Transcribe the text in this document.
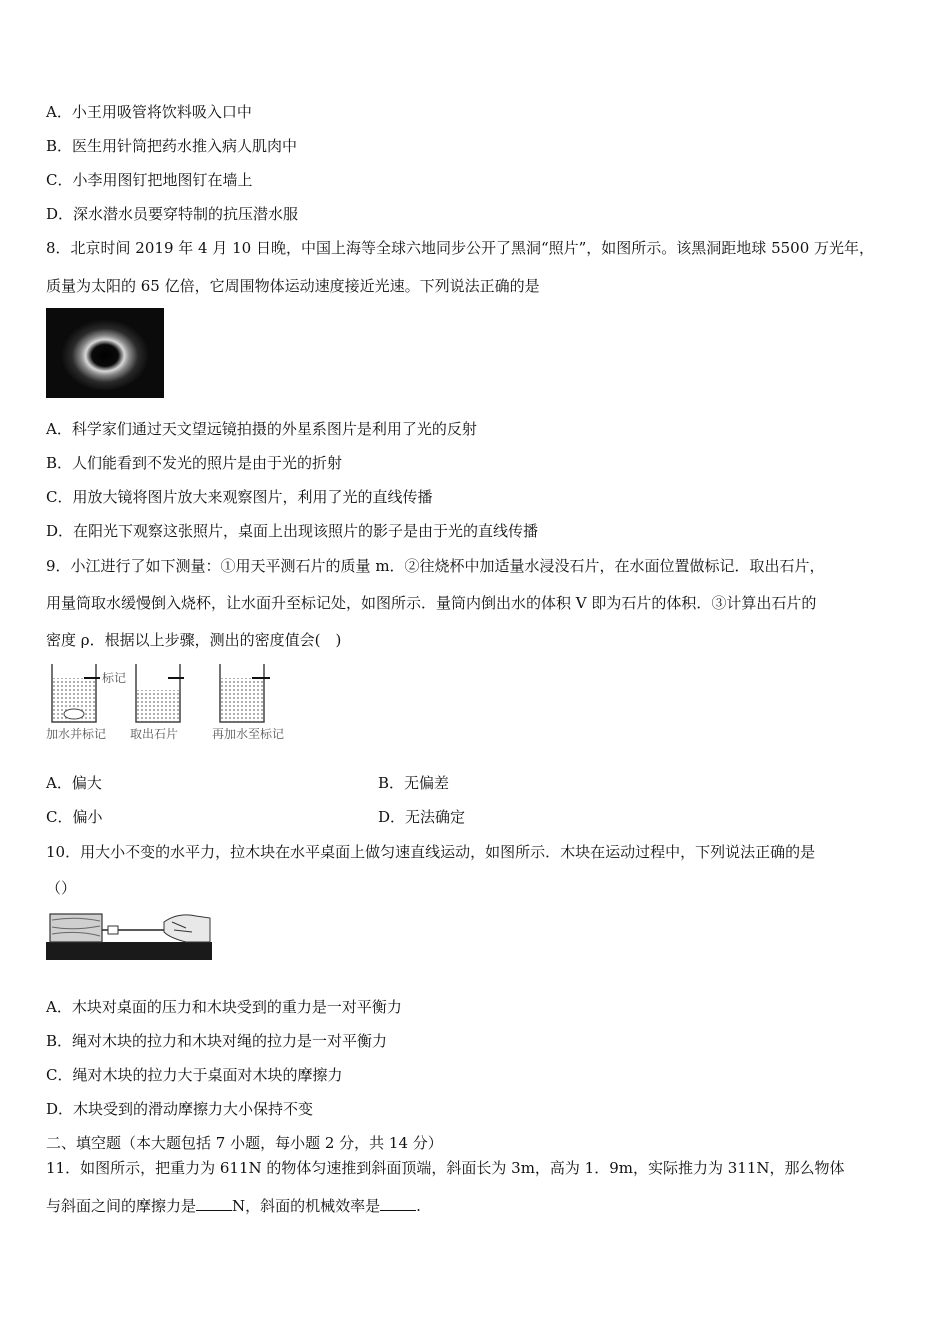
A．小王用吸管将饮料吸入口中
B．医生用针筒把药水推入病人肌肉中
C．小李用图钉把地图钉在墙上
D．深水潜水员要穿特制的抗压潜水服
8．北京时间 2019 年 4 月 10 日晚，中国上海等全球六地同步公开了黑洞“照片”，如图所示。该黑洞距地球 5500 万光年，
质量为太阳的 65 亿倍，它周围物体运动速度接近光速。下列说法正确的是
A．科学家们通过天文望远镜拍摄的外星系图片是利用了光的反射
B．人们能看到不发光的照片是由于光的折射
C．用放大镜将图片放大来观察图片，利用了光的直线传播
D．在阳光下观察这张照片，桌面上出现该照片的影子是由于光的直线传播
9．小江进行了如下测量：①用天平测石片的质量 m．②往烧杯中加适量水浸没石片，在水面位置做标记．取出石片，
用量筒取水缓慢倒入烧杯，让水面升至标记处，如图所示．量筒内倒出水的体积 V 即为石片的体积．③计算出石片的
密度 ρ．根据以上步骤，测出的密度值会(　)
标记
加水并标记 取出石片	再加水至标记
A．偏大	B．无偏差
C．偏小	D．无法确定
10．用大小不变的水平力，拉木块在水平桌面上做匀速直线运动，如图所示．木块在运动过程中，下列说法正确的是
（）
A．木块对桌面的压力和木块受到的重力是一对平衡力
B．绳对木块的拉力和木块对绳的拉力是一对平衡力
C．绳对木块的拉力大于桌面对木块的摩擦力
D．木块受到的滑动摩擦力大小保持不变
二、填空题（本大题包括 7 小题，每小题 2 分，共 14 分）
11．如图所示，把重力为 611N 的物体匀速推到斜面顶端，斜面长为 3m，高为 1．9m，实际推力为 311N，那么物体
与斜面之间的摩擦力是 N，斜面的机械效率是 .
